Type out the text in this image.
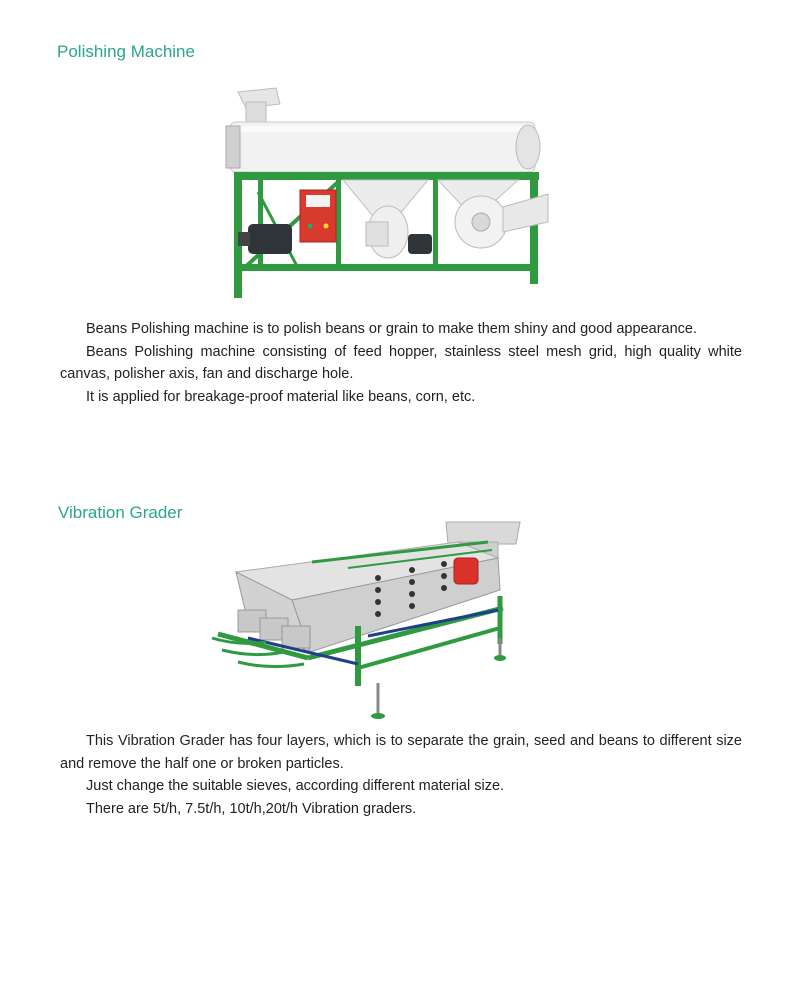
Polishing Machine

Beans Polishing machine is to polish beans or grain to make them shiny and good appearance.

Beans Polishing machine consisting of feed hopper, stainless steel mesh grid, high quality white canvas, polisher axis, fan and discharge hole.

It is applied for breakage-proof material like beans, corn, etc.

Vibration Grader

This Vibration Grader has four layers, which is to separate the grain, seed and beans to different size and remove the half one or broken particles.

Just change the suitable sieves, according different material size.

There are 5t/h, 7.5t/h, 10t/h,20t/h Vibration graders.
